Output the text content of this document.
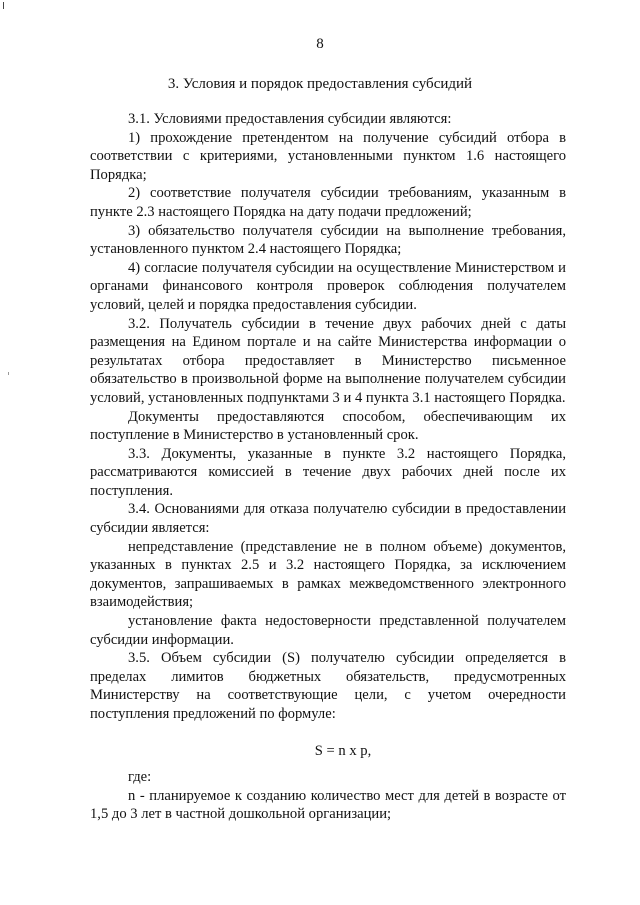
8
3. Условия и порядок предоставления субсидий

3.1. Условиями предоставления субсидии являются:

1) прохождение претендентом на получение субсидий отбора в соответствии с критериями, установленными пунктом 1.6 настоящего Порядка;

2) соответствие получателя субсидии требованиям, указанным в пункте 2.3 настоящего Порядка на дату подачи предложений;

3) обязательство получателя субсидии на выполнение требования, установленного пунктом 2.4 настоящего Порядка;

4) согласие получателя субсидии на осуществление Министерством и органами финансового контроля проверок соблюдения получателем условий, целей и порядка предоставления субсидии.

3.2. Получатель субсидии в течение двух рабочих дней с даты размещения на Едином портале и на сайте Министерства информации о результатах отбора предоставляет в Министерство письменное обязательство в произвольной форме на выполнение получателем субсидии условий, установленных подпунктами 3 и 4 пункта 3.1 настоящего Порядка.

Документы предоставляются способом, обеспечивающим их поступление в Министерство в установленный срок.

3.3. Документы, указанные в пункте 3.2 настоящего Порядка, рассматриваются комиссией в течение двух рабочих дней после их поступления.

3.4. Основаниями для отказа получателю субсидии в предоставлении субсидии является:

непредставление (представление не в полном объеме) документов, указанных в пунктах 2.5 и 3.2 настоящего Порядка, за исключением документов, запрашиваемых в рамках межведомственного электронного взаимодействия;

установление факта недостоверности представленной получателем субсидии информации.

3.5. Объем субсидии (S) получателю субсидии определяется в пределах лимитов бюджетных обязательств, предусмотренных Министерству на соответствующие цели, с учетом очередности поступления предложений по формуле:

S = n x p,

где:

n - планируемое к созданию количество мест для детей в возрасте от 1,5 до 3 лет в частной дошкольной организации;
